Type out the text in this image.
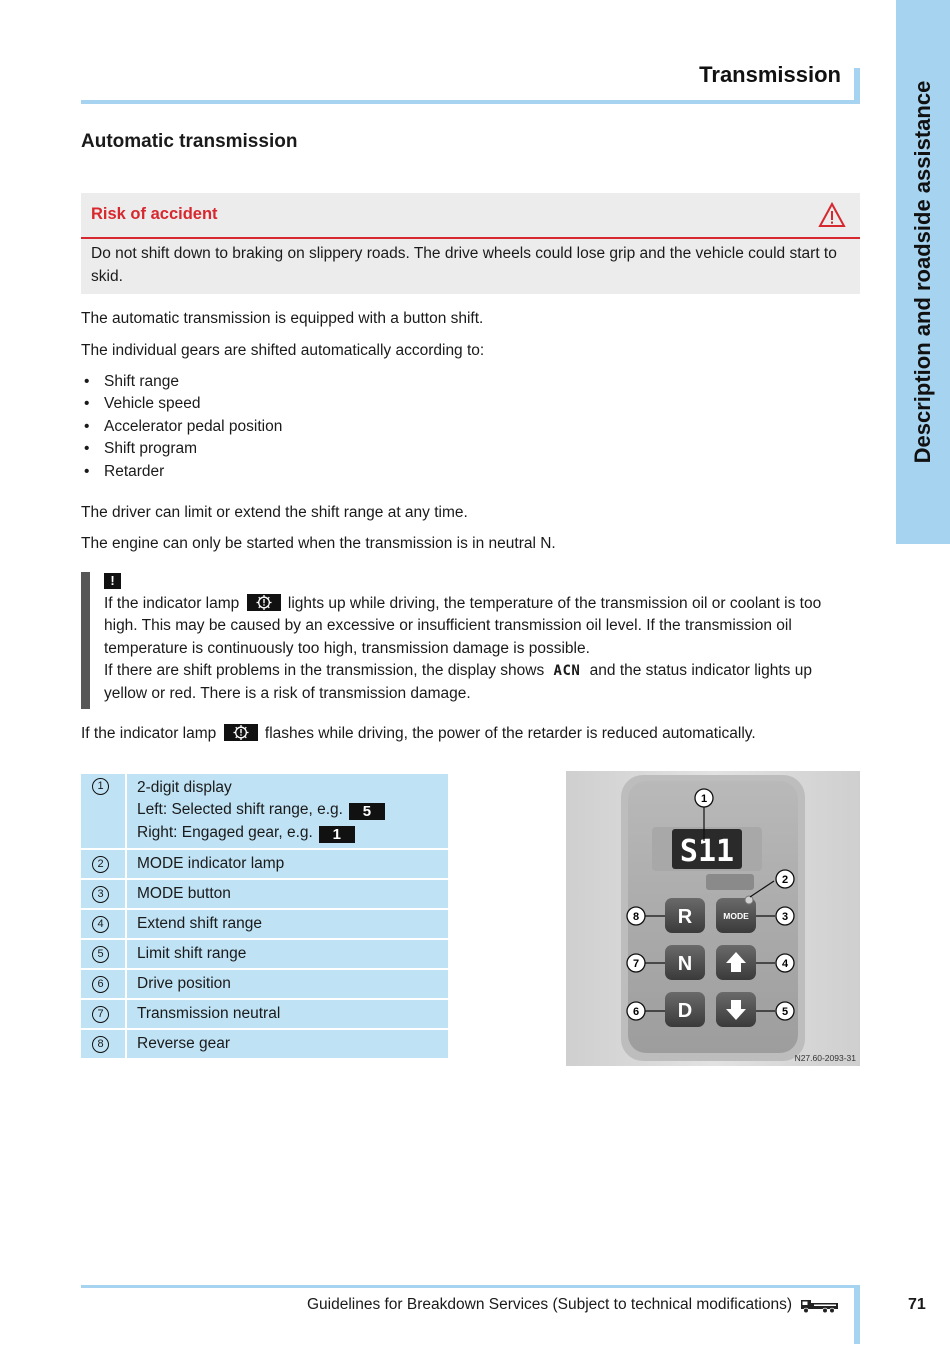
Description and roadside assistance
Transmission
Automatic transmission
Risk of accident
Do not shift down to braking on slippery roads. The drive wheels could lose grip and the vehicle could start to skid.
The automatic transmission is equipped with a button shift.
The individual gears are shifted automatically according to:
• Shift range
• Vehicle speed
• Accelerator pedal position
• Shift program
• Retarder
The driver can limit or extend the shift range at any time.
The engine can only be started when the transmission is in neutral N.
!
If the indicator lamp	lights up while driving, the temperature of the transmission oil or coolant is too high. This may be caused by an excessive or insufficient transmission oil level. If the transmission oil temperature is continuously too high, transmission damage is possible.
If there are shift problems in the transmission, the display shows ACN and the status indicator lights up yellow or red. There is a risk of transmission damage.
If the indicator lamp	flashes while driving, the power of the retarder is reduced automatically.
1	2-digit display
Left: Selected shift range, e.g. 5
Right: Engaged gear, e.g. 1

2	MODE indicator lamp
3	MODE button
4	Extend shift range
5	Limit shift range
6	Drive position
7	Transmission neutral
8	Reverse gear
S11
R	MODE
N
D
1
2
3
4
5
6
7
8
N27.60-2093-31
Guidelines for Breakdown Services (Subject to technical modifications)	71
